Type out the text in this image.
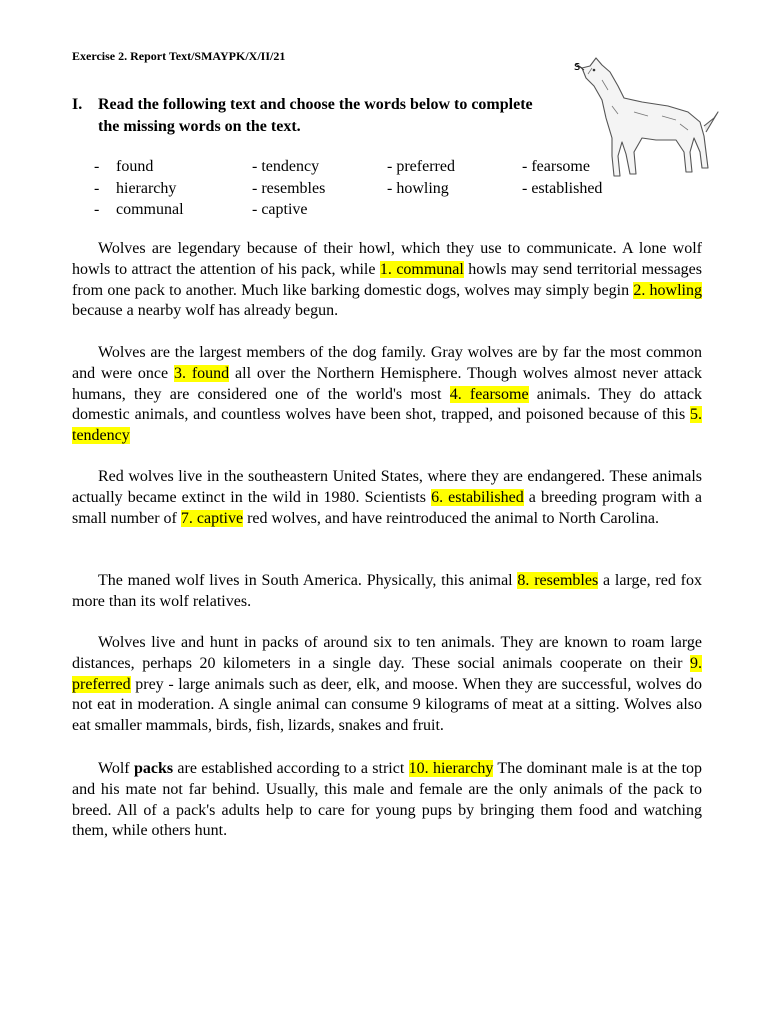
Exercise 2. Report Text/SMAYPK/X/II/21
I. Read the following text and choose the words below to complete the missing words on the text.
s
- found	- tendency	- preferred	- fearsome
- hierarchy	- resembles	- howling	- established
- communal	- captive

Wolves are legendary because of their howl, which they use to communicate. A lone wolf howls to attract the attention of his pack, while 1. communal howls may send territorial messages from one pack to another. Much like barking domestic dogs, wolves may simply begin 2. howling because a nearby wolf has already begun.

Wolves are the largest members of the dog family. Gray wolves are by far the most common and were once 3. found all over the Northern Hemisphere. Though wolves almost never attack humans, they are considered one of the world's most 4. fearsome animals. They do attack domestic animals, and countless wolves have been shot, trapped, and poisoned because of this 5. tendency

Red wolves live in the southeastern United States, where they are endangered. These animals actually became extinct in the wild in 1980. Scientists 6. estabilished a breeding program with a small number of 7. captive red wolves, and have reintroduced the animal to North Carolina.

The maned wolf lives in South America. Physically, this animal 8. resembles a large, red fox more than its wolf relatives.

Wolves live and hunt in packs of around six to ten animals. They are known to roam large distances, perhaps 20 kilometers in a single day. These social animals cooperate on their 9. preferred prey - large animals such as deer, elk, and moose. When they are successful, wolves do not eat in moderation. A single animal can consume 9 kilograms of meat at a sitting. Wolves also eat smaller mammals, birds, fish, lizards, snakes and fruit.

Wolf packs are established according to a strict 10. hierarchy The dominant male is at the top and his mate not far behind. Usually, this male and female are the only animals of the pack to breed. All of a pack's adults help to care for young pups by bringing them food and watching them, while others hunt.
